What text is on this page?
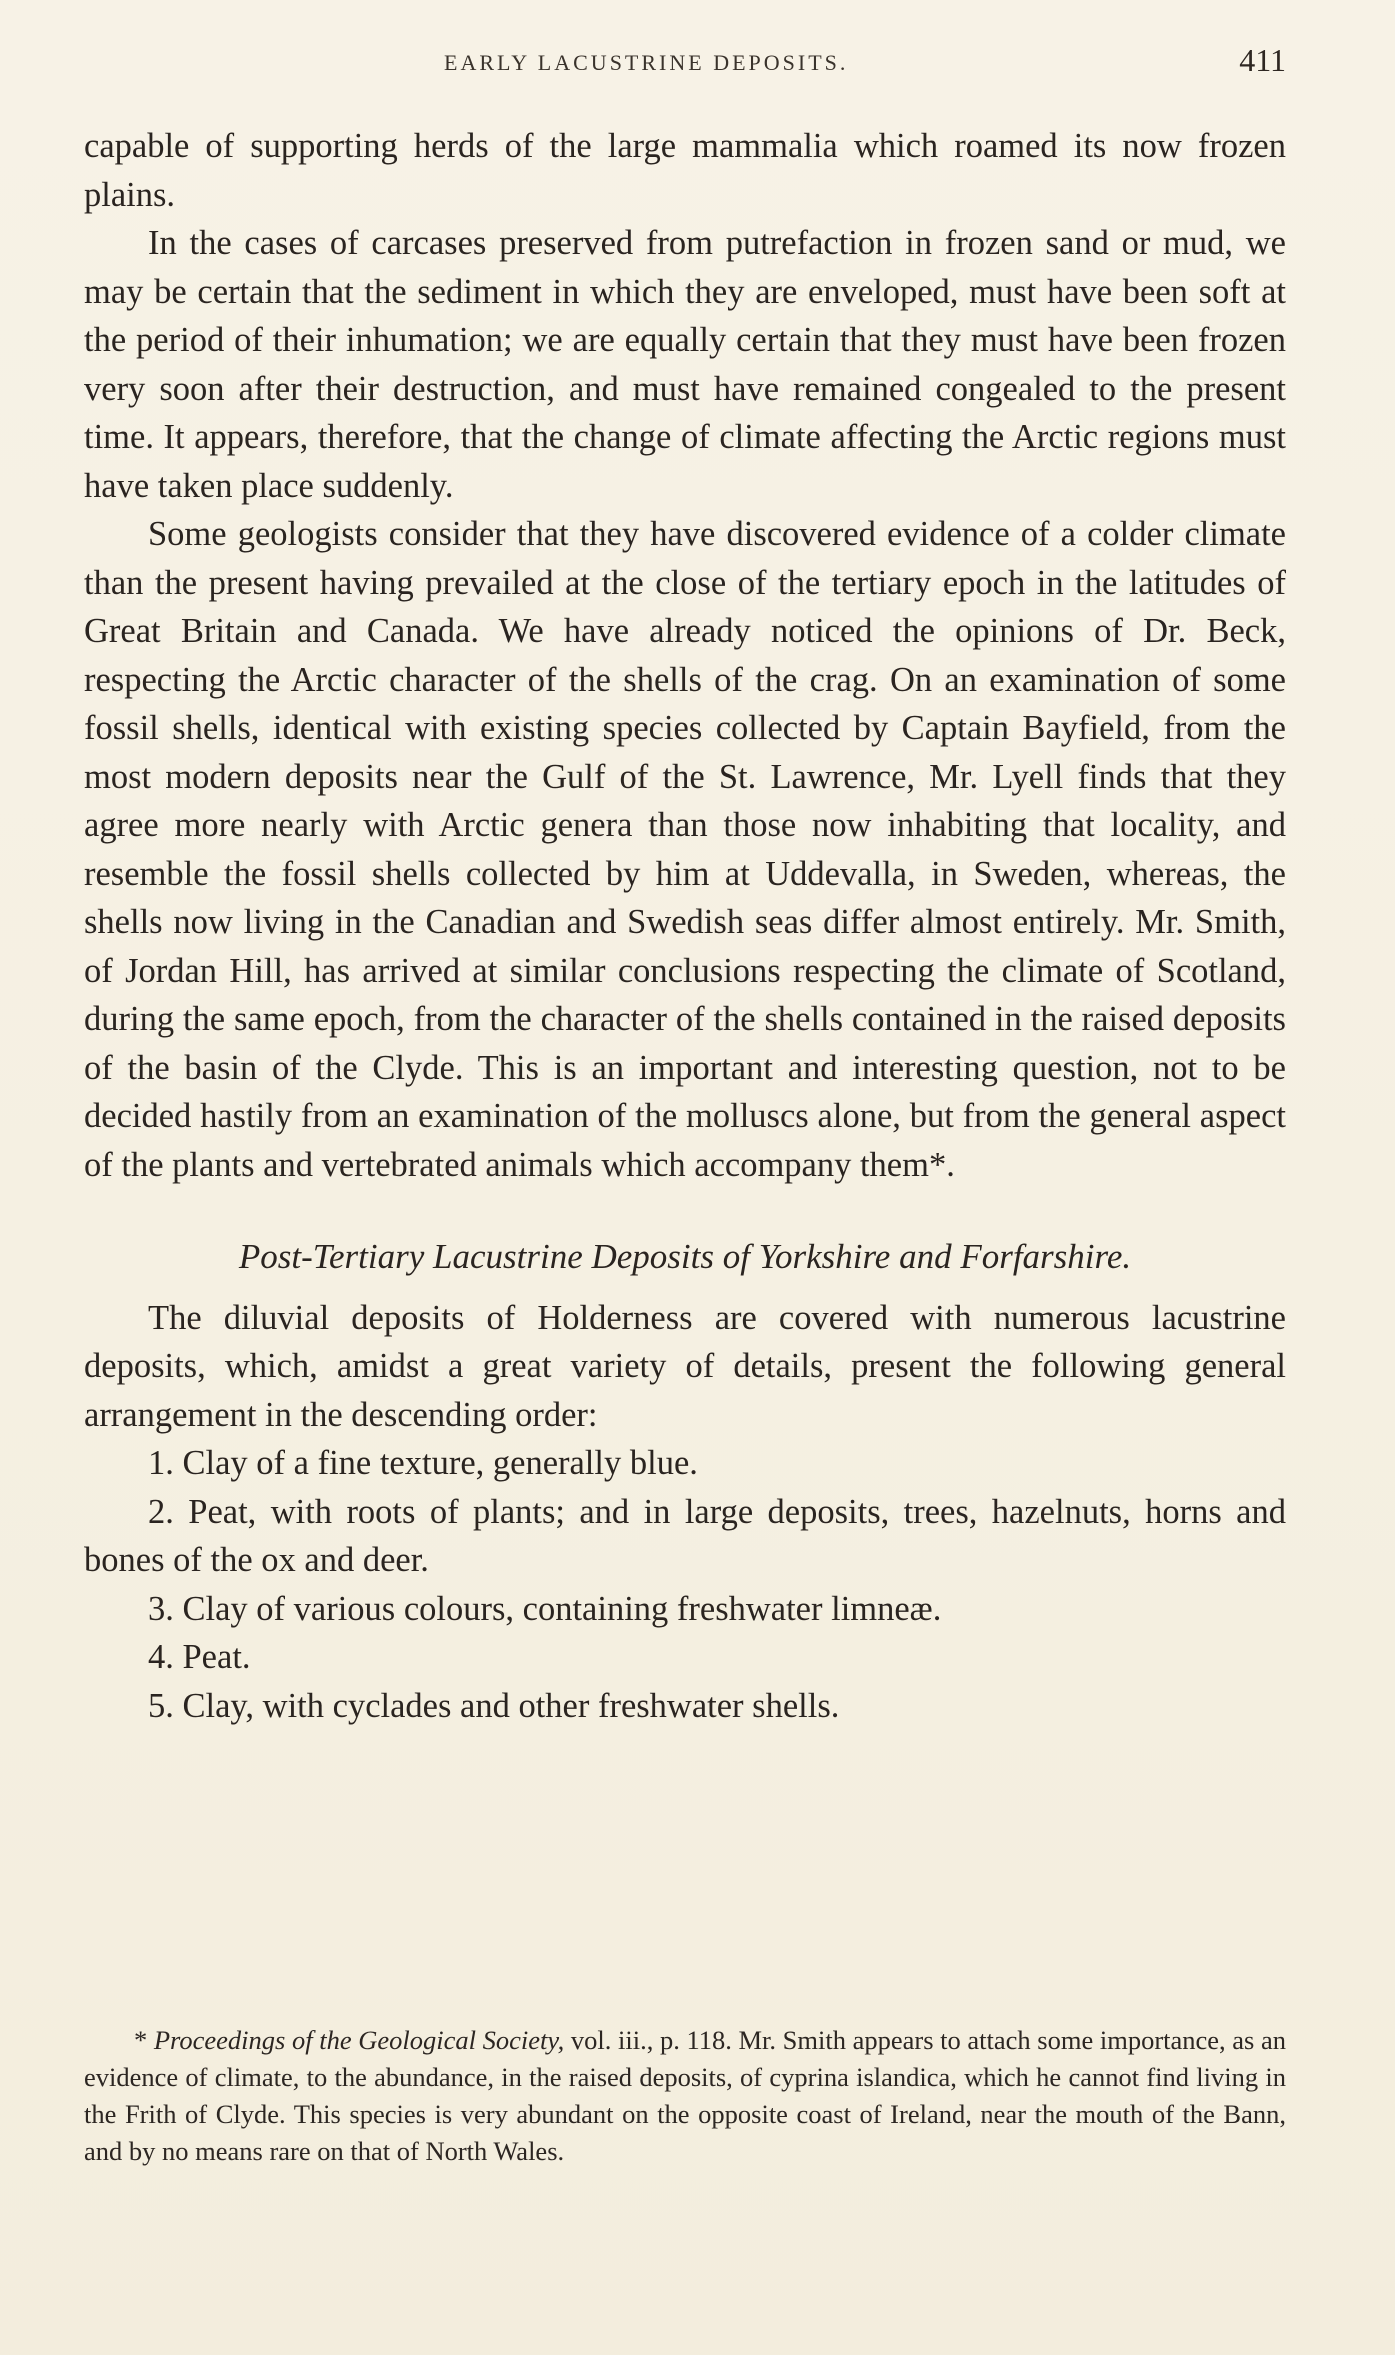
EARLY LACUSTRINE DEPOSITS.	411

capable of supporting herds of the large mammalia which roamed its now frozen plains.

In the cases of carcases preserved from putrefaction in frozen sand or mud, we may be certain that the sediment in which they are enveloped, must have been soft at the period of their inhumation; we are equally certain that they must have been frozen very soon after their destruction, and must have remained congealed to the present time. It appears, therefore, that the change of climate affecting the Arctic regions must have taken place suddenly.

Some geologists consider that they have discovered evidence of a colder climate than the present having prevailed at the close of the tertiary epoch in the latitudes of Great Britain and Canada. We have already noticed the opinions of Dr. Beck, respecting the Arctic character of the shells of the crag. On an examination of some fossil shells, identical with existing species collected by Captain Bayfield, from the most modern deposits near the Gulf of the St. Lawrence, Mr. Lyell finds that they agree more nearly with Arctic genera than those now inhabiting that locality, and resemble the fossil shells collected by him at Uddevalla, in Sweden, whereas, the shells now living in the Canadian and Swedish seas differ almost entirely. Mr. Smith, of Jordan Hill, has arrived at similar conclusions respecting the climate of Scotland, during the same epoch, from the character of the shells contained in the raised deposits of the basin of the Clyde. This is an important and interesting question, not to be decided hastily from an examination of the molluscs alone, but from the general aspect of the plants and vertebrated animals which accompany them*.

Post-Tertiary Lacustrine Deposits of Yorkshire and Forfarshire.

The diluvial deposits of Holderness are covered with numerous lacustrine deposits, which, amidst a great variety of details, present the following general arrangement in the descending order:

1. Clay of a fine texture, generally blue.
2. Peat, with roots of plants; and in large deposits, trees, hazelnuts, horns and bones of the ox and deer.
3. Clay of various colours, containing freshwater limneæ.
4. Peat.
5. Clay, with cyclades and other freshwater shells.
* Proceedings of the Geological Society, vol. iii., p. 118. Mr. Smith appears to attach some importance, as an evidence of climate, to the abundance, in the raised deposits, of cyprina islandica, which he cannot find living in the Frith of Clyde. This species is very abundant on the opposite coast of Ireland, near the mouth of the Bann, and by no means rare on that of North Wales.
